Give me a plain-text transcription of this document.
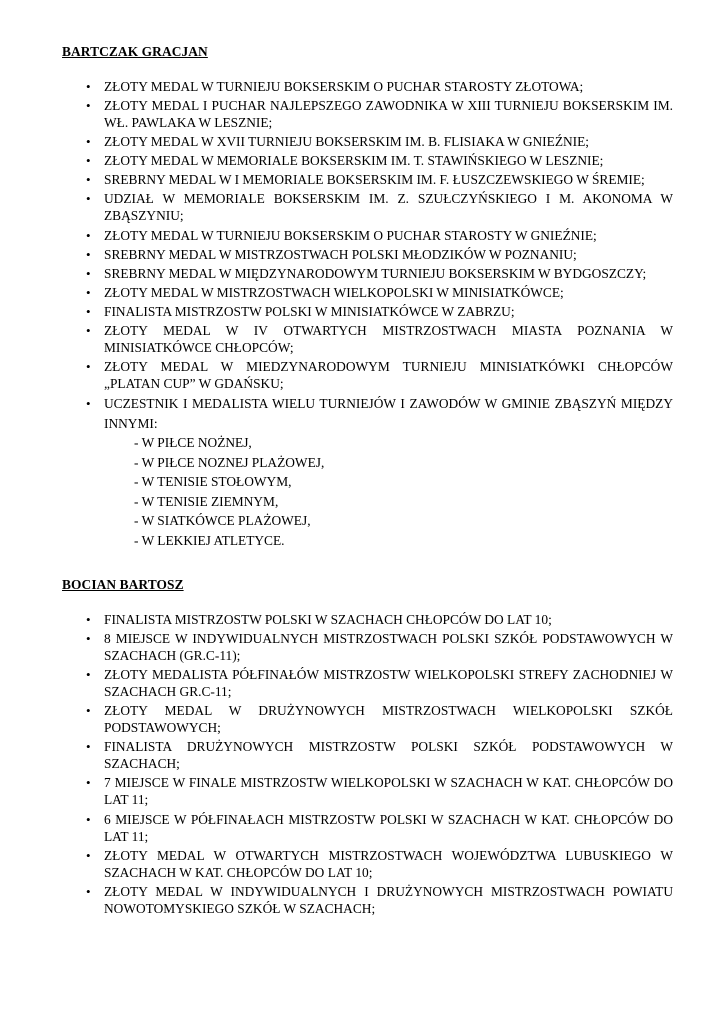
BARTCZAK GRACJAN
• ZŁOTY MEDAL W TURNIEJU BOKSERSKIM O PUCHAR STAROSTY ZŁOTOWA;
• ZŁOTY MEDAL I PUCHAR NAJLEPSZEGO ZAWODNIKA W XIII TURNIEJU BOKSERSKIM IM. WŁ. PAWLAKA W LESZNIE;
• ZŁOTY MEDAL W XVII TURNIEJU BOKSERSKIM IM. B. FLISIAKA W GNIEŹNIE;
• ZŁOTY MEDAL W MEMORIALE BOKSERSKIM IM. T. STAWIŃSKIEGO W LESZNIE;
• SREBRNY MEDAL W I MEMORIALE BOKSERSKIM IM. F. ŁUSZCZEWSKIEGO W ŚREMIE;
• UDZIAŁ W MEMORIALE BOKSERSKIM IM. Z. SZUŁCZYŃSKIEGO I M. AKONOMA W ZBĄSZYNIU;
• ZŁOTY MEDAL W TURNIEJU BOKSERSKIM O PUCHAR STAROSTY W GNIEŹNIE;
• SREBRNY MEDAL W MISTRZOSTWACH POLSKI MŁODZIKÓW W POZNANIU;
• SREBRNY MEDAL W MIĘDZYNARODOWYM TURNIEJU BOKSERSKIM W BYDGOSZCZY;
• ZŁOTY MEDAL W MISTRZOSTWACH WIELKOPOLSKI W MINISIATKÓWCE;
• FINALISTA MISTRZOSTW POLSKI W MINISIATKÓWCE W ZABRZU;
• ZŁOTY MEDAL W IV OTWARTYCH MISTRZOSTWACH MIASTA POZNANIA W MINISIATKÓWCE CHŁOPCÓW;
• ZŁOTY MEDAL W MIEDZYNARODOWYM TURNIEJU MINISIATKÓWKI CHŁOPCÓW „PLATAN CUP” W GDAŃSKU;
• UCZESTNIK I MEDALISTA WIELU TURNIEJÓW I ZAWODÓW W GMINIE ZBĄSZYŃ MIĘDZY INNYMI:
- W PIŁCE NOŻNEJ,
- W PIŁCE NOZNEJ PLAŻOWEJ,
- W TENISIE STOŁOWYM,
- W TENISIE ZIEMNYM,
- W SIATKÓWCE PLAŻOWEJ,
- W LEKKIEJ ATLETYCE.
BOCIAN BARTOSZ
• FINALISTA MISTRZOSTW POLSKI W SZACHACH CHŁOPCÓW DO LAT 10;
• 8 MIEJSCE W INDYWIDUALNYCH MISTRZOSTWACH POLSKI SZKÓŁ PODSTAWOWYCH W SZACHACH (GR.C-11);
• ZŁOTY MEDALISTA PÓŁFINAŁÓW MISTRZOSTW WIELKOPOLSKI STREFY ZACHODNIEJ W SZACHACH GR.C-11;
• ZŁOTY MEDAL W DRUŻYNOWYCH MISTRZOSTWACH WIELKOPOLSKI SZKÓŁ PODSTAWOWYCH;
• FINALISTA DRUŻYNOWYCH MISTRZOSTW POLSKI SZKÓŁ PODSTAWOWYCH W SZACHACH;
• 7 MIEJSCE W FINALE MISTRZOSTW WIELKOPOLSKI W SZACHACH W KAT. CHŁOPCÓW DO LAT 11;
• 6 MIEJSCE W PÓŁFINAŁACH MISTRZOSTW POLSKI W SZACHACH W KAT. CHŁOPCÓW DO LAT 11;
• ZŁOTY MEDAL W OTWARTYCH MISTRZOSTWACH WOJEWÓDZTWA LUBUSKIEGO W SZACHACH W KAT. CHŁOPCÓW DO LAT 10;
• ZŁOTY MEDAL W INDYWIDUALNYCH I DRUŻYNOWYCH MISTRZOSTWACH POWIATU NOWOTOMYSKIEGO SZKÓŁ W SZACHACH;
